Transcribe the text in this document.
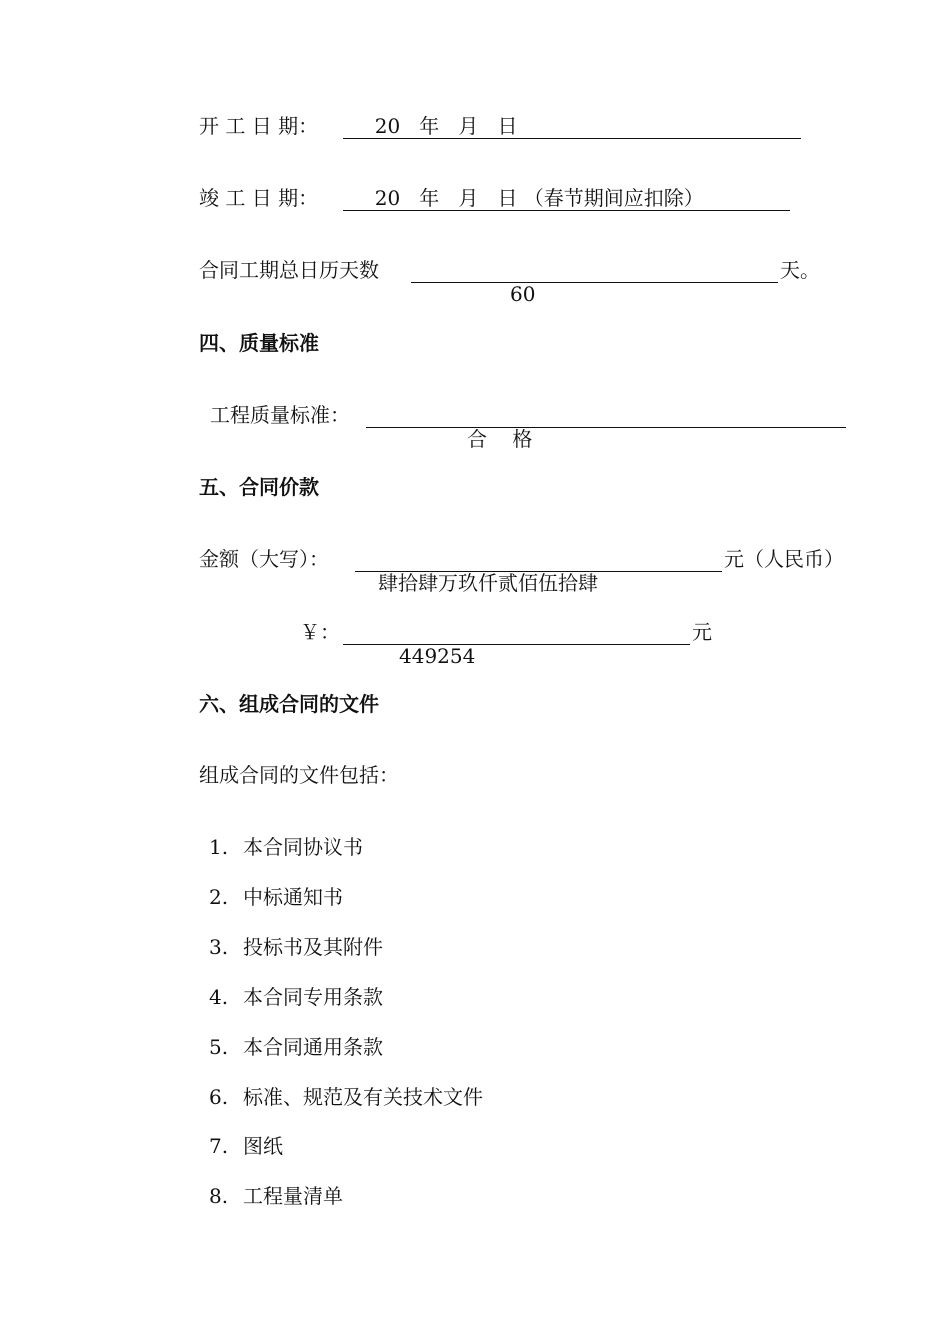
开 工 日 期： 20   年   月   日
竣 工 日 期： 20   年   月   日 （春节期间应扣除）
合同工期总日历天数

60

天。
四、质量标准
工程质量标准：

合    格

五、合同价款
金额（大写）：

肆拾肆万玖仟贰佰伍拾肆

元（人民币）
￥：

449254

元
六、组成合同的文件
组成合同的文件包括：
1. 本合同协议书
2. 中标通知书
3. 投标书及其附件
4. 本合同专用条款
5. 本合同通用条款
6. 标准、规范及有关技术文件
7. 图纸
8. 工程量清单
